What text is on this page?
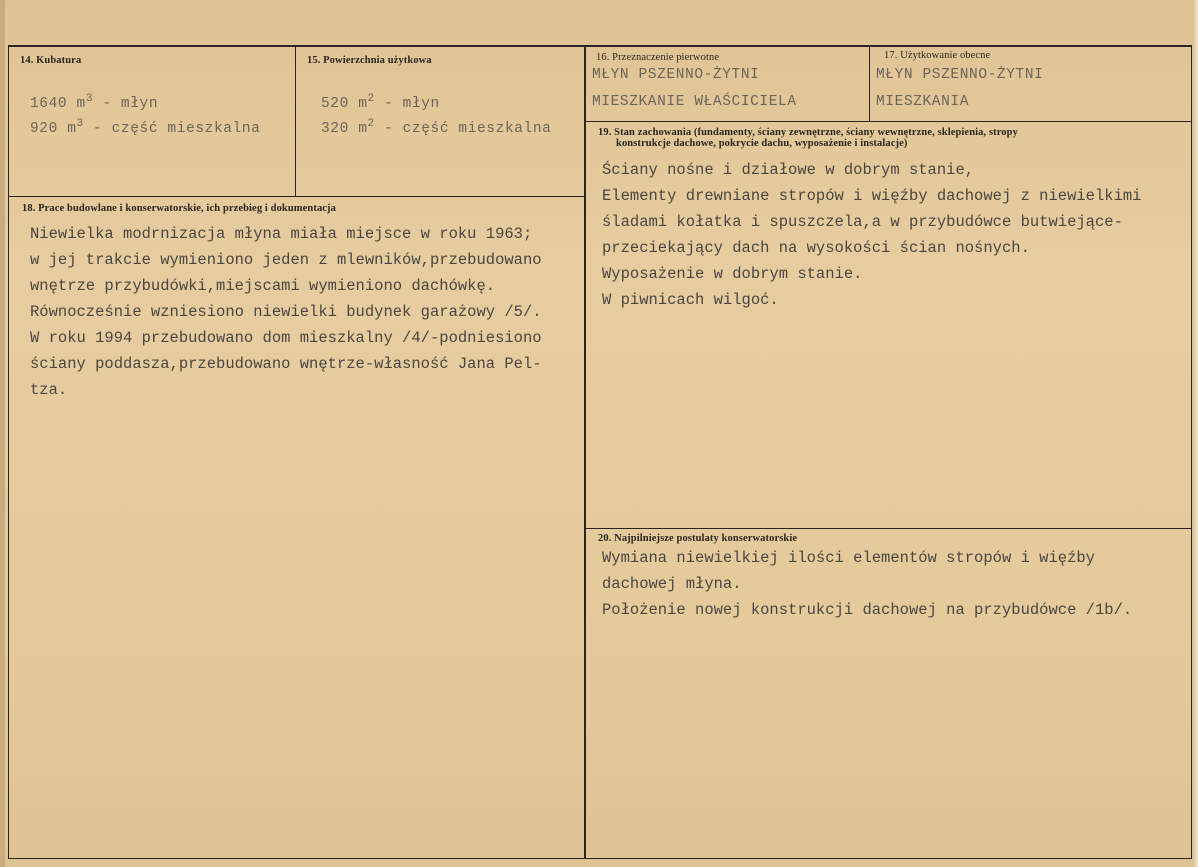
14. Kubatura
1640 $m^3$ - młyn
920 $m^3$ - część mieszkalna
15. Powierzchnia użytkowa
520 $m^2$ - młyn
320 $m^2$ - część mieszkalna
16. Przeznaczenie pierwotne
MŁYN PSZENNO-ŻYTNI
MIESZKANIE WŁAŚCICIELA
17. Użytkowanie obecne
MŁYN PSZENNO-ŻYTNI
MIESZKANIA
19. Stan zachowania (fundamenty, ściany zewnętrzne, ściany wewnętrzne, sklepienia, stropy
konstrukcje dachowe, pokrycie dachu, wyposażenie i instalacje)
Ściany nośne i działowe w dobrym stanie,
Elementy drewniane stropów i więźby dachowej z niewielkimi
śladami kołatka i spuszczela,a w przybudówce butwiejące-
przeciekający dach na wysokości ścian nośnych.
Wyposażenie w dobrym stanie.
W piwnicach wilgoć.
18. Prace budowlane i konserwatorskie, ich przebieg i dokumentacja
Niewielka modrnizacja młyna miała miejsce w roku 1963;
w jej trakcie wymieniono jeden z mlewników,przebudowano
wnętrze przybudówki,miejscami wymieniono dachówkę.
Równocześnie wzniesiono niewielki budynek garażowy /5/.
W roku 1994 przebudowano dom mieszkalny /4/-podniesiono
ściany poddasza,przebudowano wnętrze-własność Jana Pel-
tza.
20. Najpilniejsze postulaty konserwatorskie
Wymiana niewielkiej ilości elementów stropów i więźby
dachowej młyna.
Położenie nowej konstrukcji dachowej na przybudówce /1b/.
